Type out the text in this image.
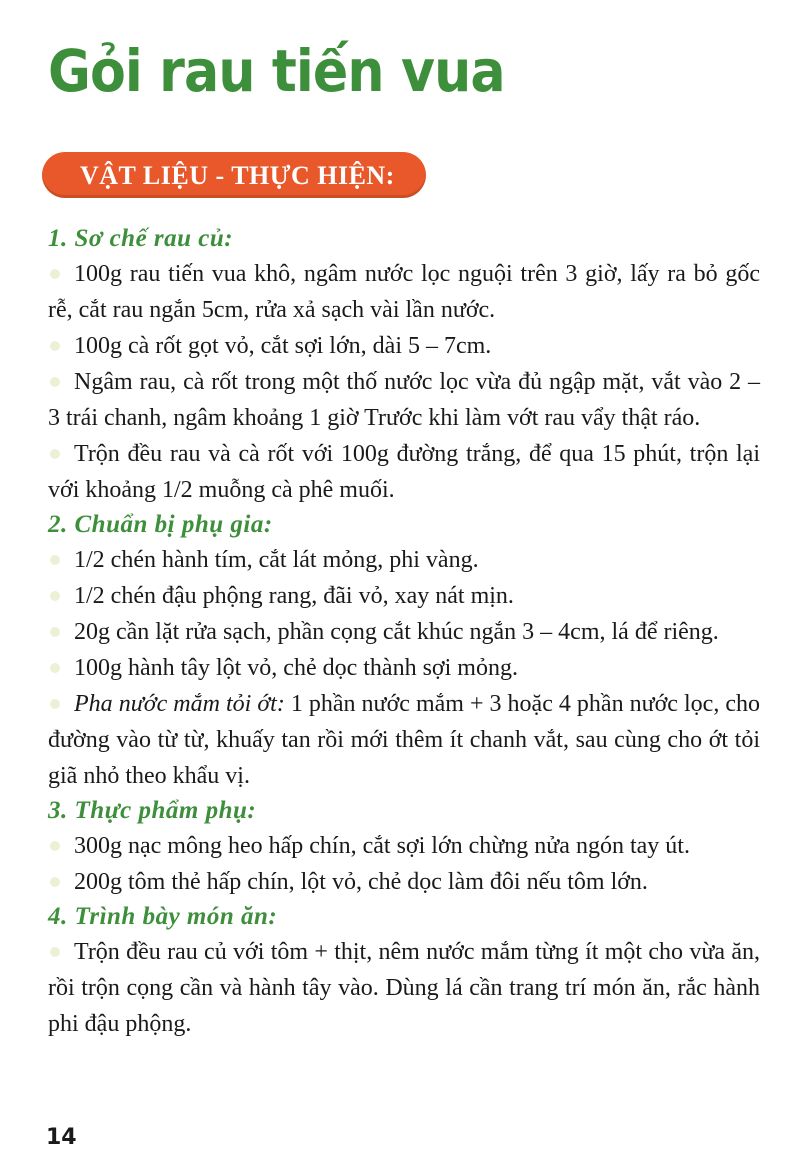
Gỏi rau tiến vua
VẬT LIỆU - THỰC HIỆN:
1. Sơ chế rau củ:

100g rau tiến vua khô, ngâm nước lọc nguội trên 3 giờ, lấy ra bỏ gốc rễ, cắt rau ngắn 5cm, rửa xả sạch vài lần nước.

100g cà rốt gọt vỏ, cắt sợi lớn, dài 5 – 7cm.

Ngâm rau, cà rốt trong một thố nước lọc vừa đủ ngập mặt, vắt vào 2 – 3 trái chanh, ngâm khoảng 1 giờ Trước khi làm vớt rau vẩy thật ráo.

Trộn đều rau và cà rốt với 100g đường trắng, để qua 15 phút, trộn lại với khoảng 1/2 muỗng cà phê muối.

2. Chuẩn bị phụ gia:

1/2 chén hành tím, cắt lát mỏng, phi vàng.

1/2 chén đậu phộng rang, đãi vỏ, xay nát mịn.

20g cần lặt rửa sạch, phần cọng cắt khúc ngắn 3 – 4cm, lá để riêng.

100g hành tây lột vỏ, chẻ dọc thành sợi mỏng.

Pha nước mắm tỏi ớt: 1 phần nước mắm + 3 hoặc 4 phần nước lọc, cho đường vào từ từ, khuấy tan rồi mới thêm ít chanh vắt, sau cùng cho ớt tỏi giã nhỏ theo khẩu vị.

3. Thực phẩm phụ:

300g nạc mông heo hấp chín, cắt sợi lớn chừng nửa ngón tay út.

200g tôm thẻ hấp chín, lột vỏ, chẻ dọc làm đôi nếu tôm lớn.

4. Trình bày món ăn:

Trộn đều rau củ với tôm + thịt, nêm nước mắm từng ít một cho vừa ăn, rồi trộn cọng cần và hành tây vào. Dùng lá cần trang trí món ăn, rắc hành phi đậu phộng.

14
